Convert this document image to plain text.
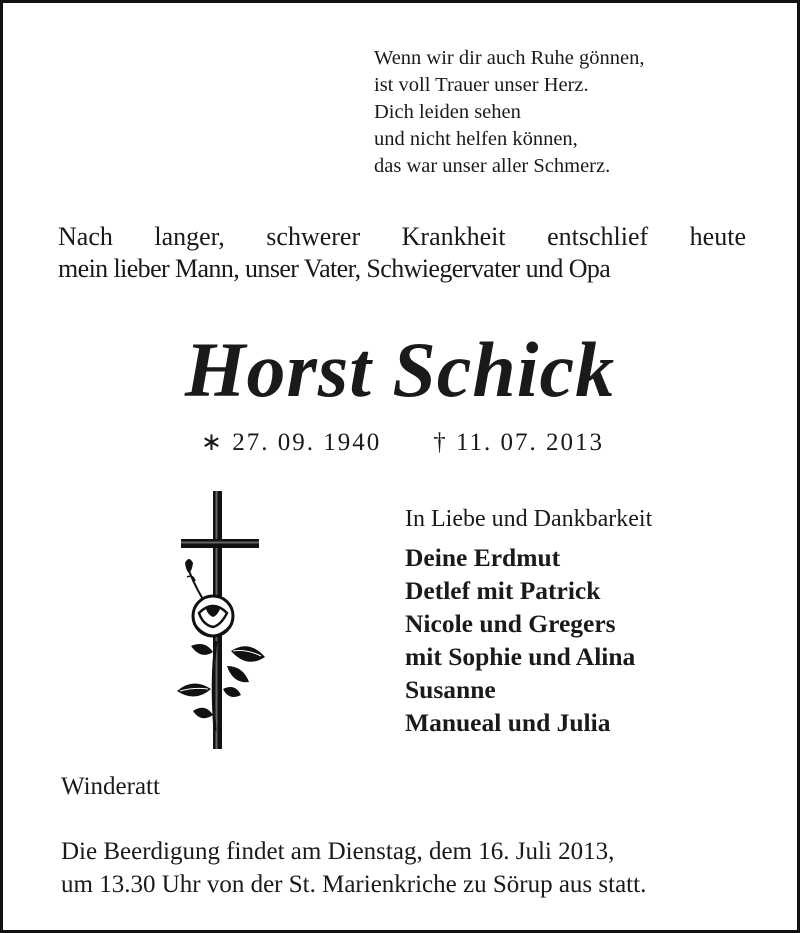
Wenn wir dir auch Ruhe gönnen,
ist voll Trauer unser Herz.
Dich leiden sehen
und nicht helfen können,
das war unser aller Schmerz.
Nach langer, schwerer Krankheit entschlief heute
mein lieber Mann, unser Vater, Schwiegervater und Opa
Horst Schick
∗ 27. 09. 1940 † 11. 07. 2013
In Liebe und Dankbarkeit
Deine Erdmut
Detlef mit Patrick
Nicole und Gregers
mit Sophie und Alina
Susanne
Manueal und Julia
Winderatt
Die Beerdigung findet am Dienstag, dem 16. Juli 2013,
um 13.30 Uhr von der St. Marienkriche zu Sörup aus statt.
